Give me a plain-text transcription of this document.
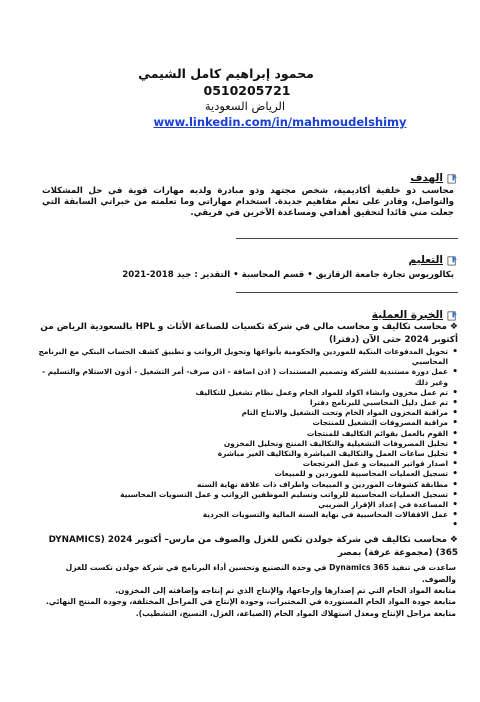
محمود إبراهيم كامل الشيمي
0510205721
الرياض السعودية
www.linkedin.com/in/mahmoudelshimy
الهدف
محاسب ذو خلفية أكاديمية، شخص مجتهد وذو مبادرة ولديه مهارات قوية في حل المشكلات والتواصل، وقادر على تعلم مفاهيم جديدة. استخدام مهاراتي وما تعلمته من خبراتي السابقة التي جعلت مني قائدا لتحقيق أهدافي ومساعدة الآخرين في فريقي.
التعليم
بكالوريوس تجارة جامعة الزقازيق • قسم المحاسبة • التقدير : جيد 2018-2021
الخبرة العملية

❖محاسب تكاليف و محاسب مالي في شركة تكسيات للصناعة الأثاث و HPL بالسعودية الرياض من أكتوبر 2024 حتى الآن (دفترا)

• تحويل المدفوعات البنكية للموردين والحكومية بأنواعها وتحويل الرواتب و تطبيق كشف الحساب البنكي مع البرنامج المحاسبي
• عمل دورة مستندية للشركة وتصميم المستندات ( اذن اضافة - اذن صرف- أمر التشغيل - أذون الاستلام والتسليم - وغير ذلك
• تم عمل مخزون وانشاء اكواد للمواد الخام وعمل نظام تشغيل للتكاليف
• تم عمل دليل المحاسبي للبرنامج دفترا
• مراقبة المخزون المواد الخام وتحت التشغيل والانتاج التام
• مراقبة المصروفات التشغيل للمنتجات
• القوم بالعمل بقوائم التكاليف للمنتجات
• تحليل المصروفات التشغيلية والتكاليف المنتج وتحليل المخزون
• تحليل ساعات العمل والتكاليف المباشرة والتكاليف الغير مباشرة
• اصدار فواتير المبيعات و عمل المرتجعات
• تسجيل العمليات المحاسبية للموردين و للمبيعات
• مطابقة كشوفات الموردين و المبيعات واطراف ذات علاقة نهاية السنه
• تسجيل العمليات المحاسبية للرواتب وتسليم الموظفين الرواتب و عمل التسويات المحاسبية
• المساعدة في إعداد الإقرار الضريبي
• عمل الاقفالات المحاسبية في نهاية السنه المالية والتسويات الجردية
•

❖محاسب تكاليف في شركة جولدن تكس للغزل والصوف من مارس– أكتوبر 2024 (DYNAMICS 365) (مجموعة عرفة) بمصر

ساعدت في تنفيذ Dynamics 365 في وحدة التصنيع وتحسين أداء البرنامج في شركة جولدن تكست للغزل والصوف.
متابعة المواد الخام التي تم إصدارها وإرجاعها، والإنتاج الذي تم إنتاجه وإضافته إلى المخزون.
متابعة جودة المواد الخام المستوردة في المختبرات، وجودة الإنتاج في المراحل المختلفة، وجودة المنتج النهائي.
متابعة مراحل الإنتاج ومعدل استهلاك المواد الخام (الصباغة، الغزل، النسيج، التشطيب).
